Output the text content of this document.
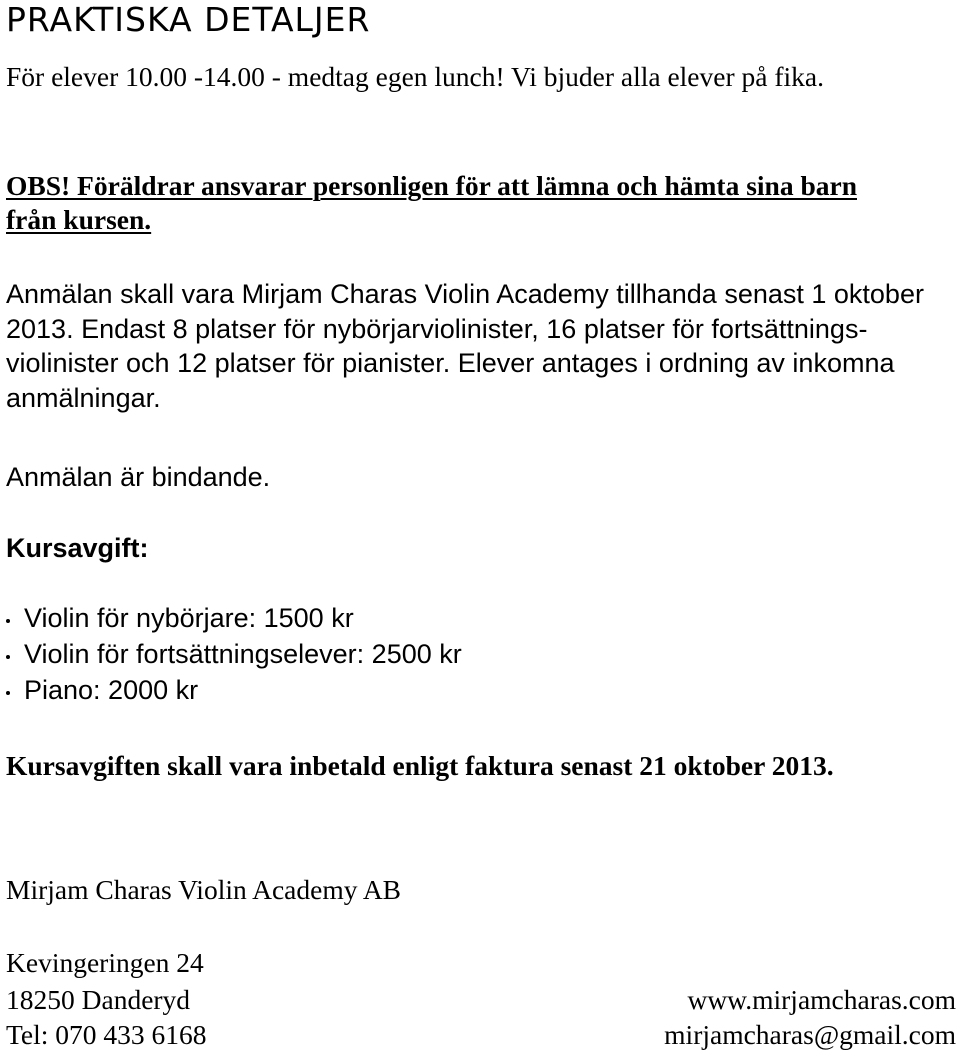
PRAKTISKA DETALJER
För elever 10.00 -14.00 - medtag egen lunch! Vi bjuder alla elever på fika.
OBS! Föräldrar ansvarar personligen för att lämna och hämta sina barn
från kursen.
Anmälan skall vara Mirjam Charas Violin Academy tillhanda senast 1 oktober
2013. Endast 8 platser för nybörjarviolinister, 16 platser för fortsättnings-
violinister och 12 platser för pianister. Elever antages i ordning av inkomna
anmälningar.
Anmälan är bindande.
Kursavgift:
Violin för nybörjare: 1500 kr
Violin för fortsättningselever: 2500 kr
Piano: 2000 kr
Kursavgiften skall vara inbetald enligt faktura senast 21 oktober 2013.
Mirjam Charas Violin Academy AB
Kevingeringen 24
18250 Danderyd
Tel: 070 433 6168
www.mirjamcharas.com
mirjamcharas@gmail.com
